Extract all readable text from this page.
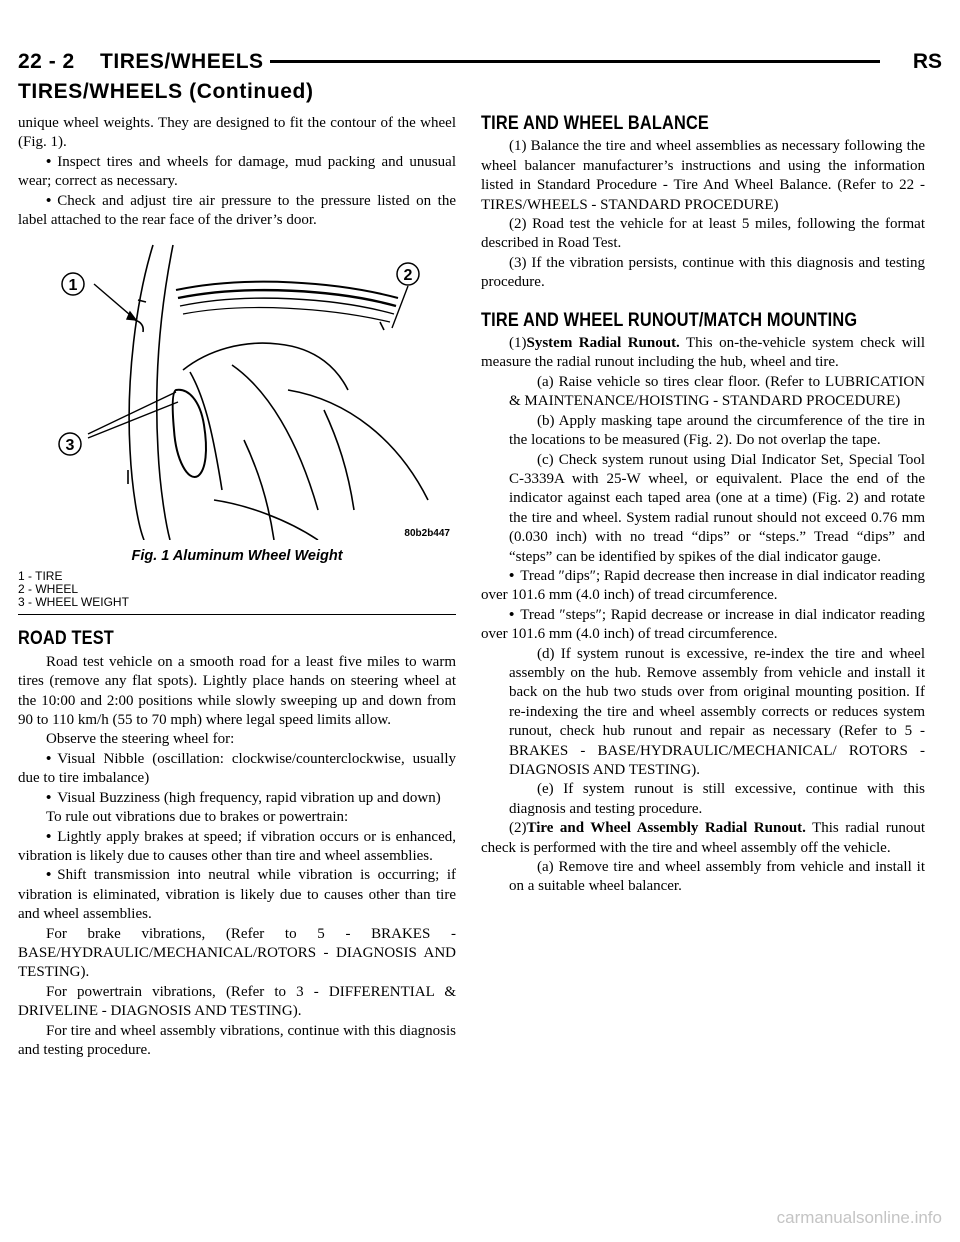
22 - 2    TIRES/WHEELS	RS
TIRES/WHEELS (Continued)

unique wheel weights. They are designed to fit the contour of the wheel (Fig. 1).

• Inspect tires and wheels for damage, mud packing and unusual wear; correct as necessary.

• Check and adjust tire air pressure to the pressure listed on the label attached to the rear face of the driver’s door.

1
2
3
80b2b447
Fig. 1 Aluminum Wheel Weight
1 - TIRE
2 - WHEEL
3 - WHEEL WEIGHT
ROAD TEST

Road test vehicle on a smooth road for a least five miles to warm tires (remove any flat spots). Lightly place hands on steering wheel at the 10:00 and 2:00 positions while slowly sweeping up and down from 90 to 110 km/h (55 to 70 mph) where legal speed limits allow.

Observe the steering wheel for:

• Visual Nibble (oscillation: clockwise/counterclockwise, usually due to tire imbalance)

• Visual Buzziness (high frequency, rapid vibration up and down)

To rule out vibrations due to brakes or powertrain:

• Lightly apply brakes at speed; if vibration occurs or is enhanced, vibration is likely due to causes other than tire and wheel assemblies.

• Shift transmission into neutral while vibration is occurring; if vibration is eliminated, vibration is likely due to causes other than tire and wheel assemblies.

For brake vibrations, (Refer to 5 - BRAKES - BASE/HYDRAULIC/MECHANICAL/ROTORS - DIAGNOSIS AND TESTING).

For powertrain vibrations, (Refer to 3 - DIFFERENTIAL & DRIVELINE - DIAGNOSIS AND TESTING).

For tire and wheel assembly vibrations, continue with this diagnosis and testing procedure.

TIRE AND WHEEL BALANCE

(1) Balance the tire and wheel assemblies as necessary following the wheel balancer manufacturer’s instructions and using the information listed in Standard Procedure - Tire And Wheel Balance. (Refer to 22 - TIRES/WHEELS - STANDARD PROCEDURE)

(2) Road test the vehicle for at least 5 miles, following the format described in Road Test.

(3) If the vibration persists, continue with this diagnosis and testing procedure.

TIRE AND WHEEL RUNOUT/MATCH MOUNTING

(1)System Radial Runout. This on-the-vehicle system check will measure the radial runout including the hub, wheel and tire.

(a) Raise vehicle so tires clear floor. (Refer to LUBRICATION & MAINTENANCE/HOISTING - STANDARD PROCEDURE)

(b) Apply masking tape around the circumference of the tire in the locations to be measured (Fig. 2). Do not overlap the tape.

(c) Check system runout using Dial Indicator Set, Special Tool C-3339A with 25-W wheel, or equivalent. Place the end of the indicator against each taped area (one at a time) (Fig. 2) and rotate the tire and wheel. System radial runout should not exceed 0.76 mm (0.030 inch) with no tread “dips” or “steps.” Tread “dips” and “steps” can be identified by spikes of the dial indicator gauge.

• Tread ″dips″; Rapid decrease then increase in dial indicator reading over 101.6 mm (4.0 inch) of tread circumference.

• Tread ″steps″; Rapid decrease or increase in dial indicator reading over 101.6 mm (4.0 inch) of tread circumference.

(d) If system runout is excessive, re-index the tire and wheel assembly on the hub. Remove assembly from vehicle and install it back on the hub two studs over from original mounting position. If re-indexing the tire and wheel assembly corrects or reduces system runout, check hub runout and repair as necessary (Refer to 5 - BRAKES - BASE/HYDRAULIC/MECHANICAL/ ROTORS - DIAGNOSIS AND TESTING).

(e) If system runout is still excessive, continue with this diagnosis and testing procedure.

(2)Tire and Wheel Assembly Radial Runout. This radial runout check is performed with the tire and wheel assembly off the vehicle.

(a) Remove tire and wheel assembly from vehicle and install it on a suitable wheel balancer.

carmanualsonline.info
